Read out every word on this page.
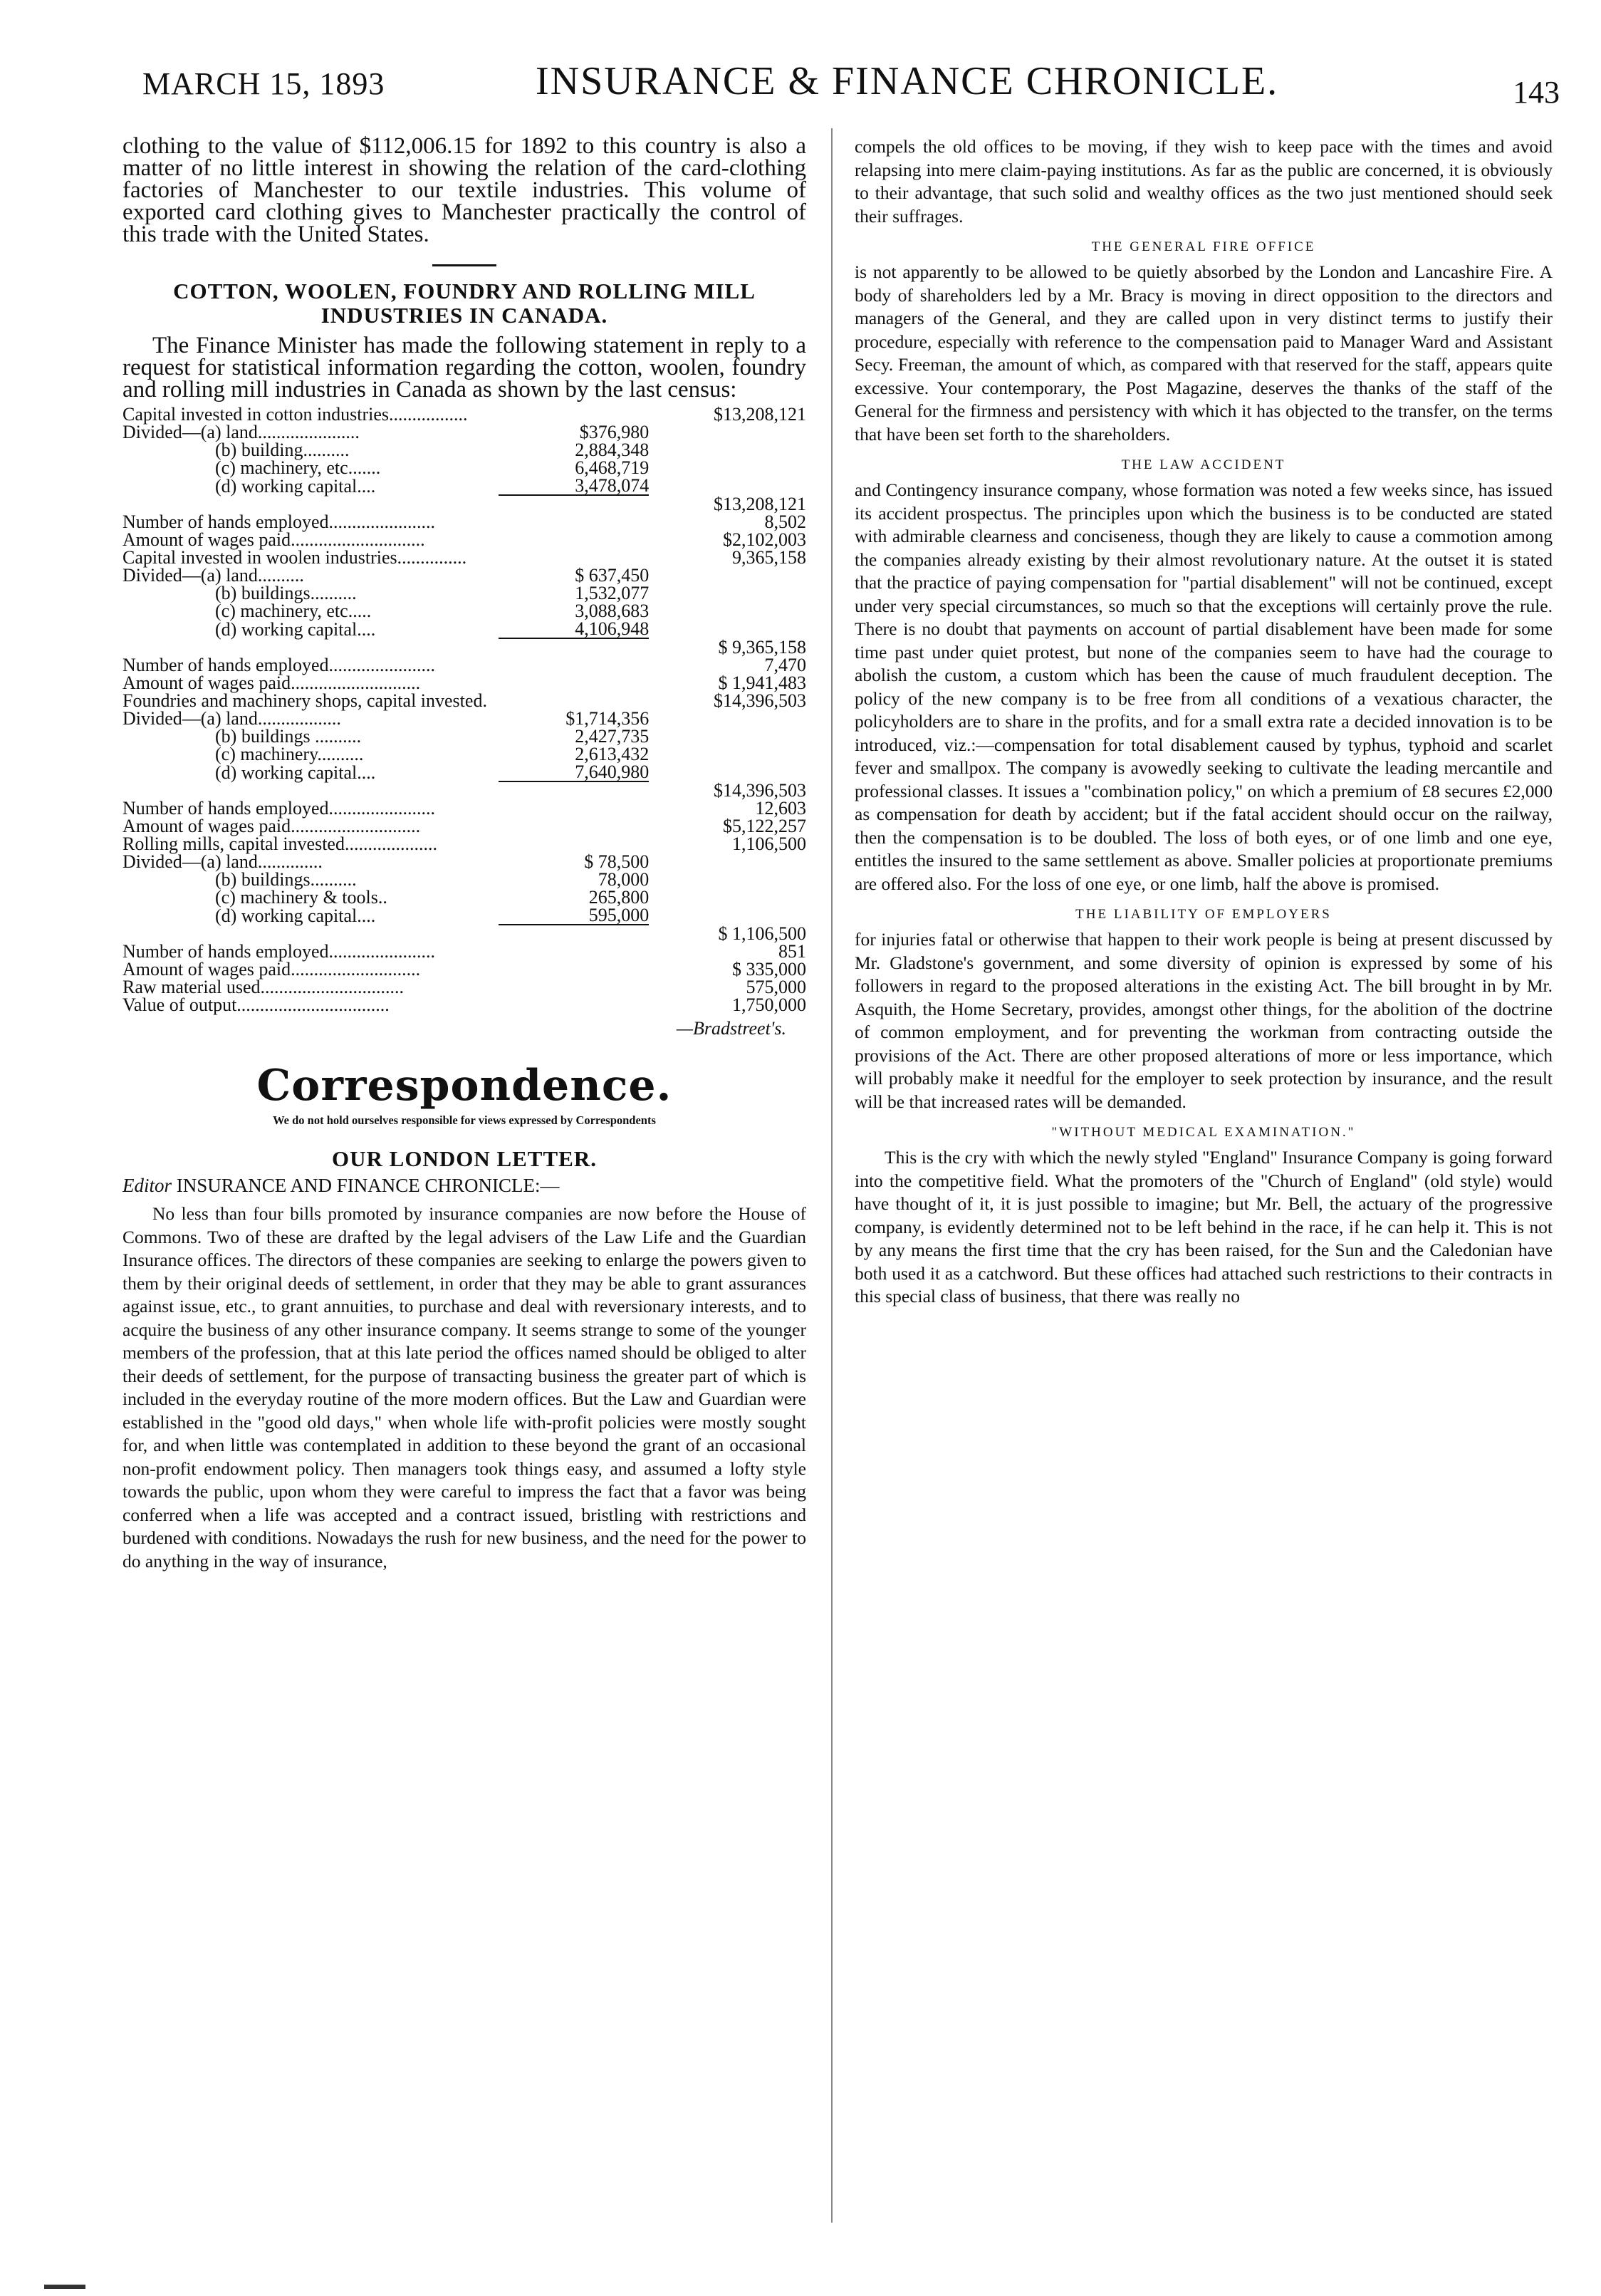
MARCH 15, 1893	INSURANCE & FINANCE CHRONICLE.	143

clothing to the value of $112,006.15 for 1892 to this country is also a matter of no little interest in showing the relation of the card-clothing factories of Manchester to our textile industries. This volume of exported card clothing gives to Manchester practically the control of this trade with the United States.

COTTON, WOOLEN, FOUNDRY AND ROLLING MILL INDUSTRIES IN CANADA.

The Finance Minister has made the following statement in reply to a request for statistical information regarding the cotton, woolen, foundry and rolling mill industries in Canada as shown by the last census:

Capital invested in cotton industries.................		$13,208,121
Divided—(a) land......................	$376,980	
(b) building..........	2,884,348	
(c) machinery, etc.......	6,468,719	
(d) working capital....	3,478,074	
		$13,208,121
Number of hands employed.......................		8,502
Amount of wages paid.............................		$2,102,003
Capital invested in woolen industries...............		9,365,158
Divided—(a) land..........	$ 637,450	
(b) buildings..........	1,532,077	
(c) machinery, etc.....	3,088,683	
(d) working capital....	4,106,948	
		$ 9,365,158
Number of hands employed.......................		7,470
Amount of wages paid............................		$ 1,941,483
Foundries and machinery shops, capital invested.		$14,396,503
Divided—(a) land..................	$1,714,356	
(b) buildings ..........	2,427,735	
(c) machinery..........	2,613,432	
(d) working capital....	7,640,980	
		$14,396,503
Number of hands employed.......................		12,603
Amount of wages paid............................		$5,122,257
Rolling mills, capital invested....................		1,106,500
Divided—(a) land..............	$ 78,500	
(b) buildings..........	78,000	
(c) machinery & tools..	265,800	
(d) working capital....	595,000	
		$ 1,106,500
Number of hands employed.......................		851
Amount of wages paid............................		$ 335,000
Raw material used...............................		575,000
Value of output.................................		1,750,000
—Bradstreet's.
Correspondence.
We do not hold ourselves responsible for views expressed by Correspondents
OUR LONDON LETTER.
Editor INSURANCE AND FINANCE CHRONICLE:—

No less than four bills promoted by insurance companies are now before the House of Commons. Two of these are drafted by the legal advisers of the Law Life and the Guardian Insurance offices. The directors of these companies are seeking to enlarge the powers given to them by their original deeds of settlement, in order that they may be able to grant assurances against issue, etc., to grant annuities, to purchase and deal with reversionary interests, and to acquire the business of any other insurance company. It seems strange to some of the younger members of the profession, that at this late period the offices named should be obliged to alter their deeds of settlement, for the purpose of transacting business the greater part of which is included in the everyday routine of the more modern offices. But the Law and Guardian were established in the "good old days," when whole life with-profit policies were mostly sought for, and when little was contemplated in addition to these beyond the grant of an occasional non-profit endowment policy. Then managers took things easy, and assumed a lofty style towards the public, upon whom they were careful to impress the fact that a favor was being conferred when a life was accepted and a contract issued, bristling with restrictions and burdened with conditions. Nowadays the rush for new business, and the need for the power to do anything in the way of insurance,

compels the old offices to be moving, if they wish to keep pace with the times and avoid relapsing into mere claim-paying institutions. As far as the public are concerned, it is obviously to their advantage, that such solid and wealthy offices as the two just mentioned should seek their suffrages.

THE GENERAL FIRE OFFICE

is not apparently to be allowed to be quietly absorbed by the London and Lancashire Fire. A body of shareholders led by a Mr. Bracy is moving in direct opposition to the directors and managers of the General, and they are called upon in very distinct terms to justify their procedure, especially with reference to the compensation paid to Manager Ward and Assistant Secy. Freeman, the amount of which, as compared with that reserved for the staff, appears quite excessive. Your contemporary, the Post Magazine, deserves the thanks of the staff of the General for the firmness and persistency with which it has objected to the transfer, on the terms that have been set forth to the shareholders.

THE LAW ACCIDENT

and Contingency insurance company, whose formation was noted a few weeks since, has issued its accident prospectus. The principles upon which the business is to be conducted are stated with admirable clearness and conciseness, though they are likely to cause a commotion among the companies already existing by their almost revolutionary nature. At the outset it is stated that the practice of paying compensation for "partial disablement" will not be continued, except under very special circumstances, so much so that the exceptions will certainly prove the rule. There is no doubt that payments on account of partial disablement have been made for some time past under quiet protest, but none of the companies seem to have had the courage to abolish the custom, a custom which has been the cause of much fraudulent deception. The policy of the new company is to be free from all conditions of a vexatious character, the policyholders are to share in the profits, and for a small extra rate a decided innovation is to be introduced, viz.:—compensation for total disablement caused by typhus, typhoid and scarlet fever and smallpox. The company is avowedly seeking to cultivate the leading mercantile and professional classes. It issues a "combination policy," on which a premium of £8 secures £2,000 as compensation for death by accident; but if the fatal accident should occur on the railway, then the compensation is to be doubled. The loss of both eyes, or of one limb and one eye, entitles the insured to the same settlement as above. Smaller policies at proportionate premiums are offered also. For the loss of one eye, or one limb, half the above is promised.

THE LIABILITY OF EMPLOYERS

for injuries fatal or otherwise that happen to their work people is being at present discussed by Mr. Gladstone's government, and some diversity of opinion is expressed by some of his followers in regard to the proposed alterations in the existing Act. The bill brought in by Mr. Asquith, the Home Secretary, provides, amongst other things, for the abolition of the doctrine of common employment, and for preventing the workman from contracting outside the provisions of the Act. There are other proposed alterations of more or less importance, which will probably make it needful for the employer to seek protection by insurance, and the result will be that increased rates will be demanded.

"WITHOUT MEDICAL EXAMINATION."

This is the cry with which the newly styled "England" Insurance Company is going forward into the competitive field. What the promoters of the "Church of England" (old style) would have thought of it, it is just possible to imagine; but Mr. Bell, the actuary of the progressive company, is evidently determined not to be left behind in the race, if he can help it. This is not by any means the first time that the cry has been raised, for the Sun and the Caledonian have both used it as a catchword. But these offices had attached such restrictions to their contracts in this special class of business, that there was really no
